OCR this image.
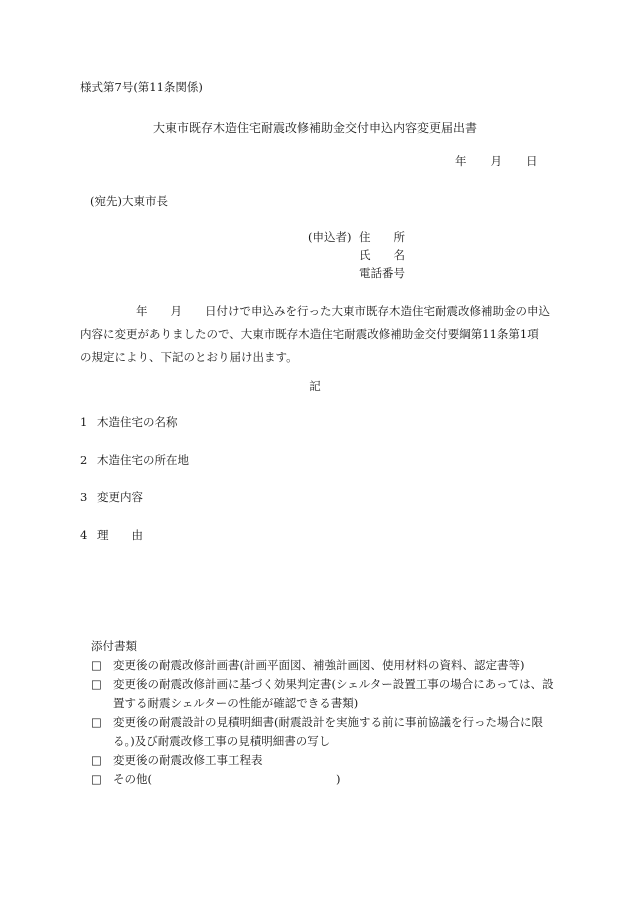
様式第7号(第11条関係)
大東市既存木造住宅耐震改修補助金交付申込内容変更届出書
年 月 日
(宛先)大東市長
(申込者) 住　　所
氏　　名
電話番号
年　　月　　日付けで申込みを行った大東市既存木造住宅耐震改修補助金の申込内容に変更がありましたので、大東市既存木造住宅耐震改修補助金交付要綱第11条第1項の規定により、下記のとおり届け出ます。
記
1 木造住宅の名称
2 木造住宅の所在地
3 変更内容
4 理　　由
添付書類
□ 変更後の耐震改修計画書(計画平面図、補強計画図、使用材料の資料、認定書等)
□ 変更後の耐震改修計画に基づく効果判定書(シェルター設置工事の場合にあっては、設置する耐震シェルターの性能が確認できる書類)
□ 変更後の耐震設計の見積明細書(耐震設計を実施する前に事前協議を行った場合に限る。)及び耐震改修工事の見積明細書の写し
□ 変更後の耐震改修工事工程表
□ その他(	)
